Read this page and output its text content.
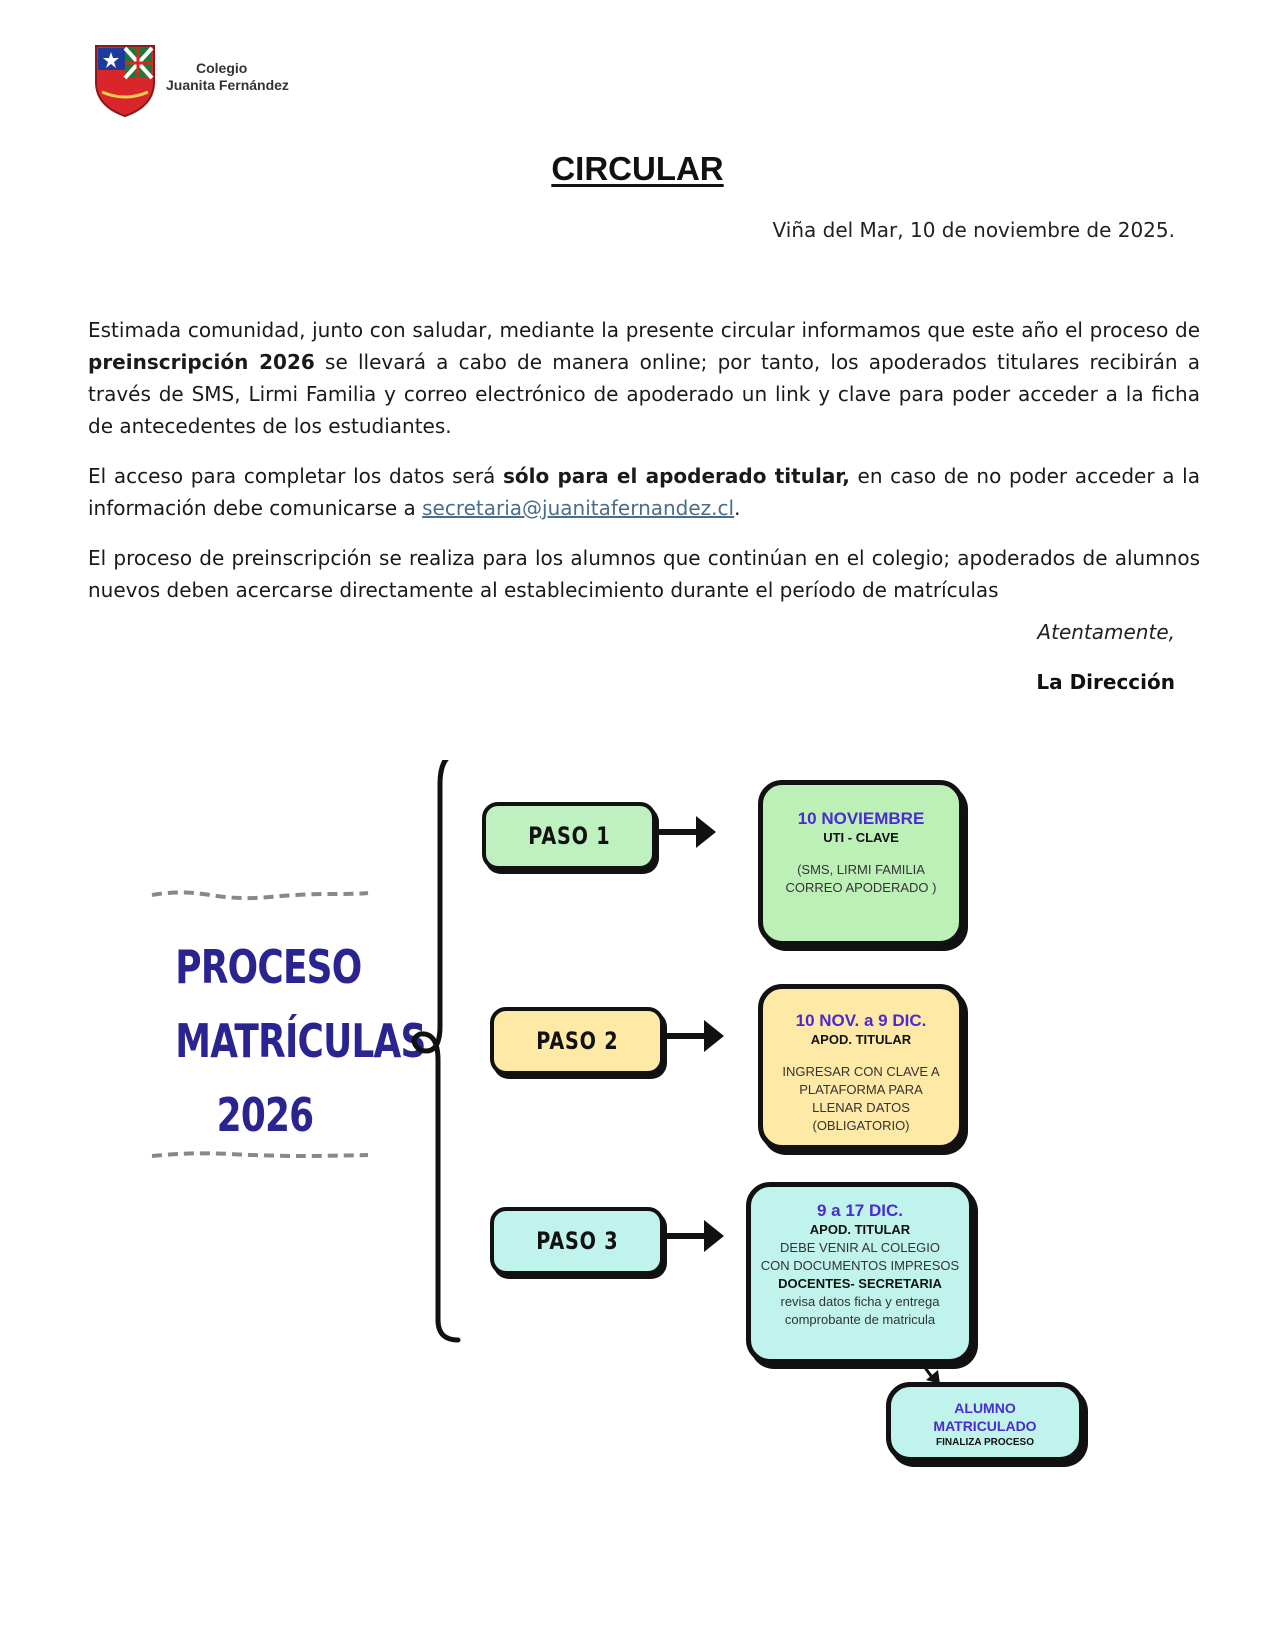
Colegio
Juanita Fernández
CIRCULAR
Viña del Mar, 10 de noviembre de 2025.
Estimada comunidad, junto con saludar, mediante la presente circular informamos que este año el proceso de preinscripción 2026 se llevará a cabo de manera online; por tanto, los apoderados titulares recibirán a través de SMS, Lirmi Familia y correo electrónico de apoderado un link y clave para poder acceder a la ficha de antecedentes de los estudiantes.
El acceso para completar los datos será sólo para el apoderado titular, en caso de no poder acceder a la información debe comunicarse a secretaria@juanitafernandez.cl.
El proceso de preinscripción se realiza para los alumnos que continúan en el colegio; apoderados de alumnos nuevos deben acercarse directamente al establecimiento durante el período de matrículas
Atentamente,
La Dirección
PROCESO
MATRÍCULAS
2026
PASO 1
PASO 2
PASO 3
10 NOVIEMBRE
UTI - CLAVE
(SMS, LIRMI FAMILIA
CORREO APODERADO )
10 NOV. a 9 DIC.
APOD. TITULAR
INGRESAR CON CLAVE A
PLATAFORMA PARA
LLENAR DATOS
(OBLIGATORIO)
9 a 17 DIC.
APOD. TITULAR
DEBE VENIR AL COLEGIO
CON DOCUMENTOS IMPRESOS
DOCENTES- SECRETARIA
revisa datos ficha y entrega
comprobante de matricula
ALUMNO
MATRICULADO
FINALIZA PROCESO
